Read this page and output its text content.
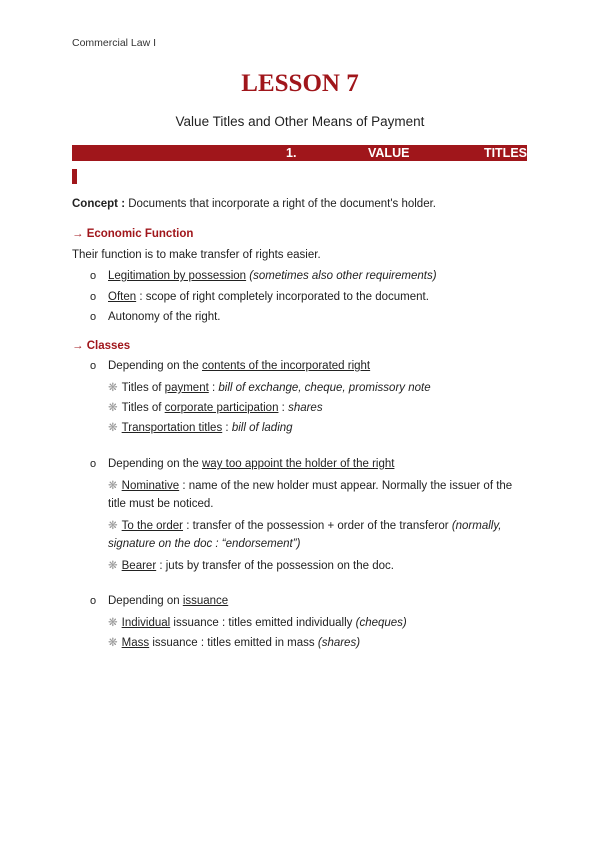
Commercial Law I
LESSON 7
Value Titles and Other Means of Payment
1.	VALUE	TITLES
Concept : Documents that incorporate a right of the document's holder.
→ Economic Function
Their function is to make transfer of rights easier.
o Legitimation by possession (sometimes also other requirements)
o Often : scope of right completely incorporated to the document.
o Autonomy of the right.
→ Classes
o Depending on the contents of the incorporated right
❋ Titles of payment : bill of exchange, cheque, promissory note
❋ Titles of corporate participation : shares
❋ Transportation titles : bill of lading
o Depending on the way too appoint the holder of the right
❋ Nominative : name of the new holder must appear. Normally the issuer of the
title must be noticed.
❋ To the order : transfer of the possession + order of the transferor (normally,
signature on the doc : “endorsement”)
❋ Bearer : juts by transfer of the possession on the doc.
o Depending on issuance
❋ Individual issuance : titles emitted individually (cheques)
❋ Mass issuance : titles emitted in mass (shares)
